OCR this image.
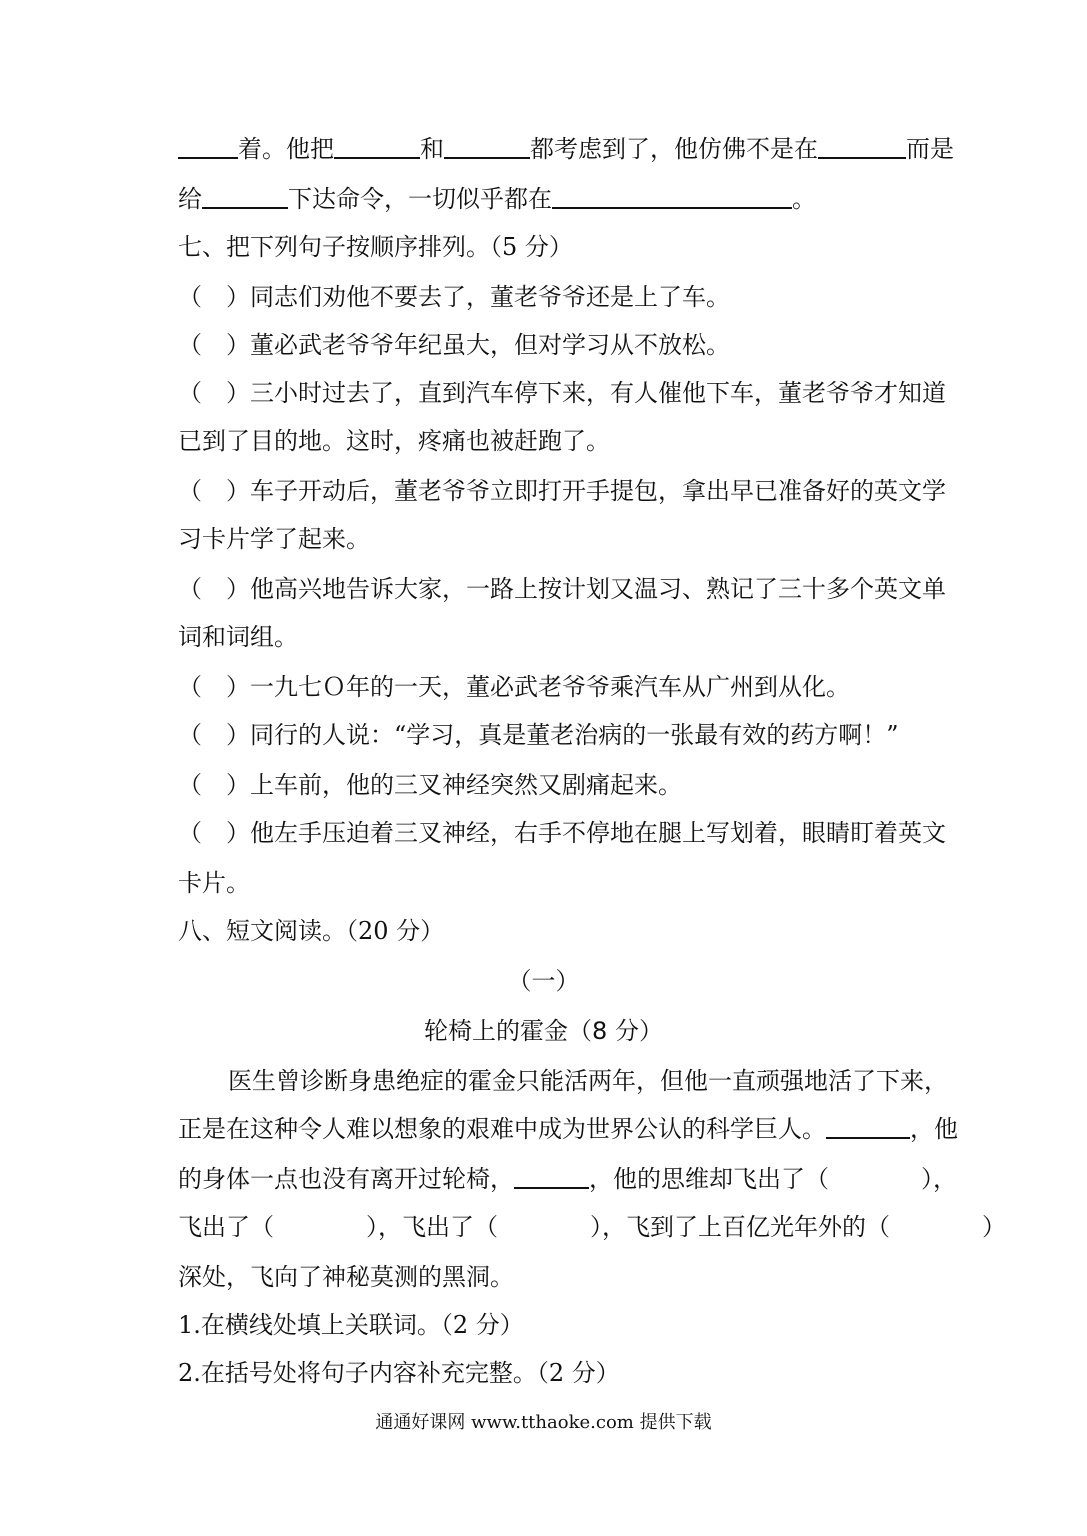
着。他把	和	都考虑到了，他仿佛不是在	而是
给	下达命令，一切似乎都在	。
七、把下列句子按顺序排列。（5 分）
（　）同志们劝他不要去了，董老爷爷还是上了车。
（　）董必武老爷爷年纪虽大，但对学习从不放松。
（　）三小时过去了，直到汽车停下来，有人催他下车，董老爷爷才知道
已到了目的地。这时，疼痛也被赶跑了。
（　）车子开动后，董老爷爷立即打开手提包，拿出早已准备好的英文学
习卡片学了起来。
（　）他高兴地告诉大家，一路上按计划又温习、熟记了三十多个英文单
词和词组。
（　）一九七Ｏ年的一天，董必武老爷爷乘汽车从广州到从化。
（　）同行的人说：“学习，真是董老治病的一张最有效的药方啊！”
（　）上车前，他的三叉神经突然又剧痛起来。
（　）他左手压迫着三叉神经，右手不停地在腿上写划着，眼睛盯着英文
卡片。
八、短文阅读。（20 分）
（一）
轮椅上的霍金（8 分）
医生曾诊断身患绝症的霍金只能活两年，但他一直顽强地活了下来，
正是在这种令人难以想象的艰难中成为世界公认的科学巨人。	，他
的身体一点也没有离开过轮椅，	，他的思维却飞出了（	），
飞出了（	），飞出了（	），飞到了上百亿光年外的（	）
深处，飞向了神秘莫测的黑洞。
1.在横线处填上关联词。（2 分）
2.在括号处将句子内容补充完整。（2 分）
通通好课网 www.tthaoke.com 提供下载
